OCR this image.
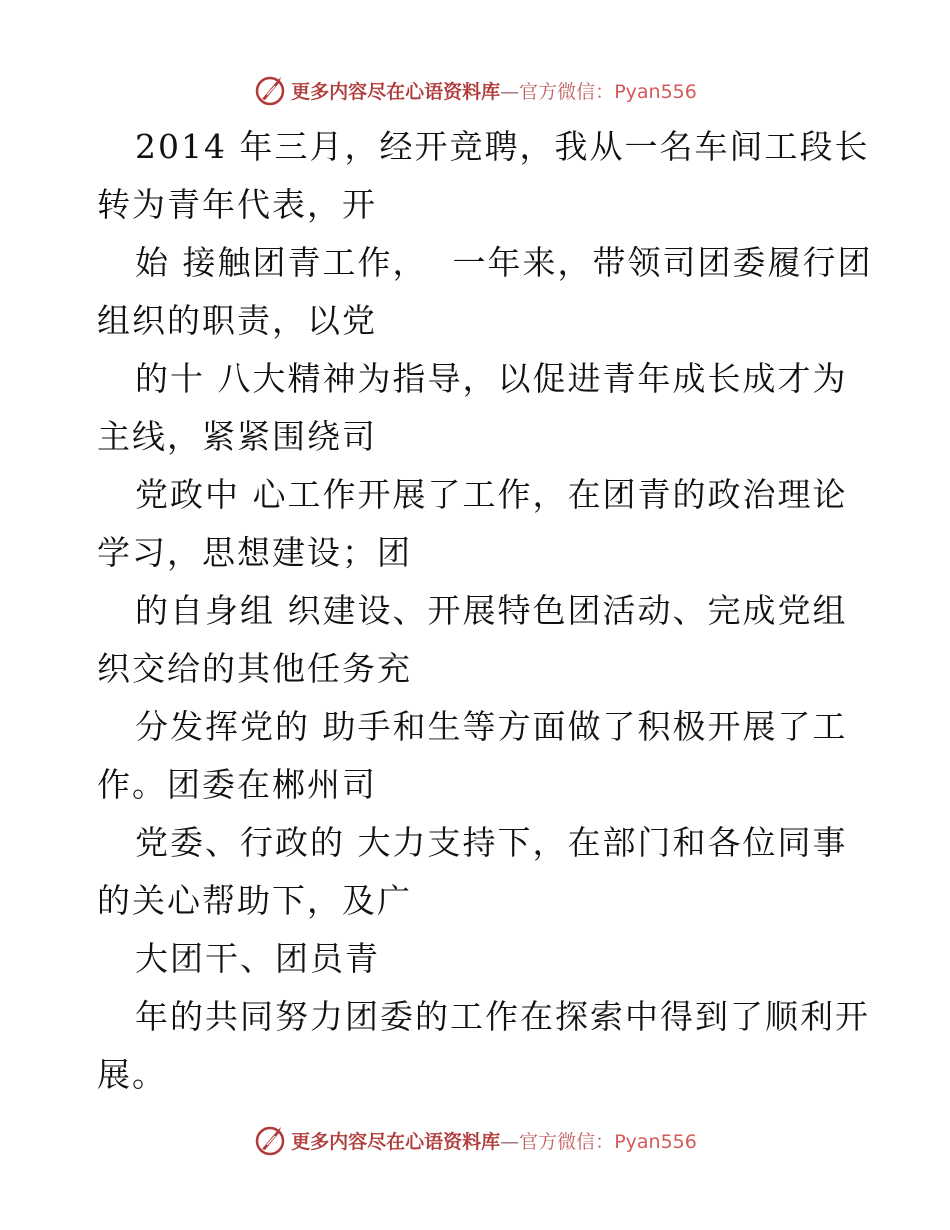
更多内容尽在心语资料库—官方微信：Pyan556
2014 年三月，经开竞聘，我从一名车间工段长
转为青年代表，开
始 接触团青工作，  一年来，带领司团委履行团
组织的职责，以党
的十 八大精神为指导，以促进青年成长成才为
主线，紧紧围绕司
党政中 心工作开展了工作，在团青的政治理论
学习，思想建设；团
的自身组 织建设、开展特色团活动、完成党组
织交给的其他任务充
分发挥党的 助手和生等方面做了积极开展了工
作。团委在郴州司
党委、行政的 大力支持下，在部门和各位同事
的关心帮助下，及广
大团干、团员青
年的共同努力团委的工作在探索中得到了顺利开
展。
更多内容尽在心语资料库—官方微信：Pyan556
